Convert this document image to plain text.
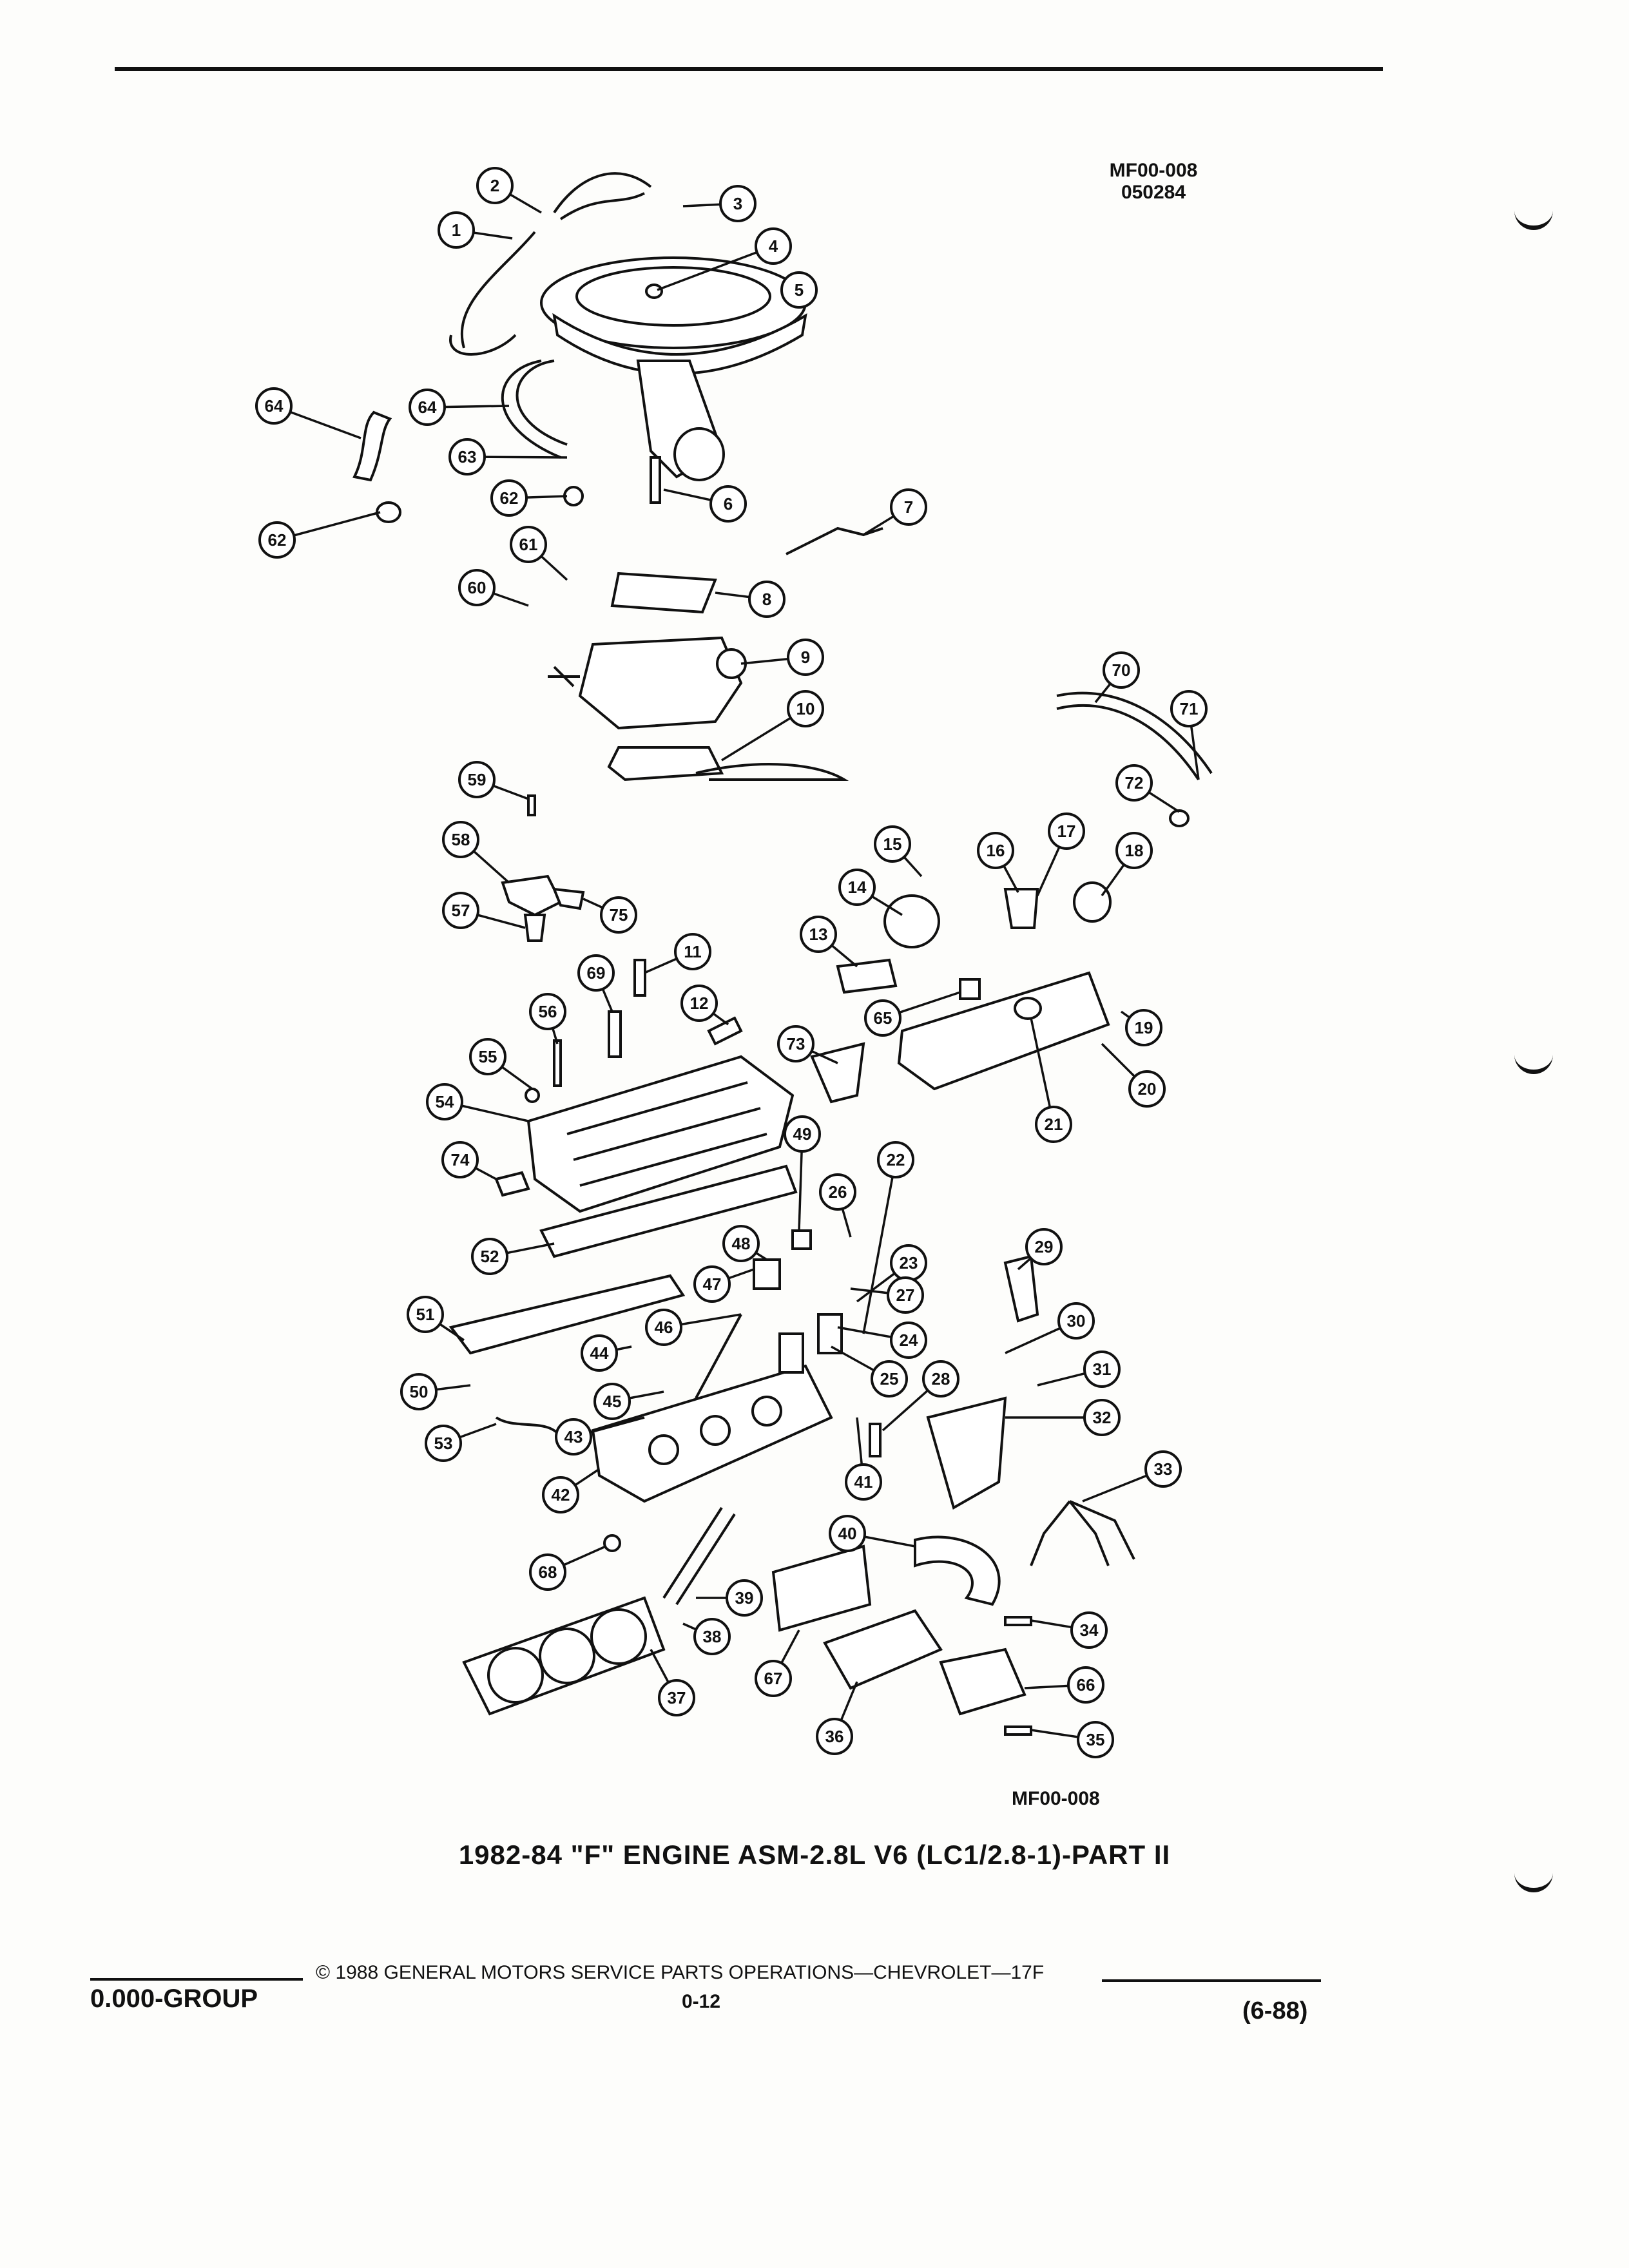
MF00-008
050284
1
2
3
4
5
6	7
8
9
10
11
12
13
14
15	16
17
18
19
20
21
22
23
24
25
26
27
28
29
30
31
32
33
34
35
36
37
38
39
40
41
42
43
44
45
46
47
48
49
50
51
52
53
54
55
56
57
58
59
60
61
62
62
63
64	64
65
66
67
68
69
70
71
72
73
74
75
MF00-008
1982-84 "F" ENGINE ASM-2.8L V6 (LC1/2.8-1)-PART II
© 1988 GENERAL MOTORS SERVICE PARTS OPERATIONS—CHEVROLET—17F
0.000-GROUP	0-12	(6-88)
